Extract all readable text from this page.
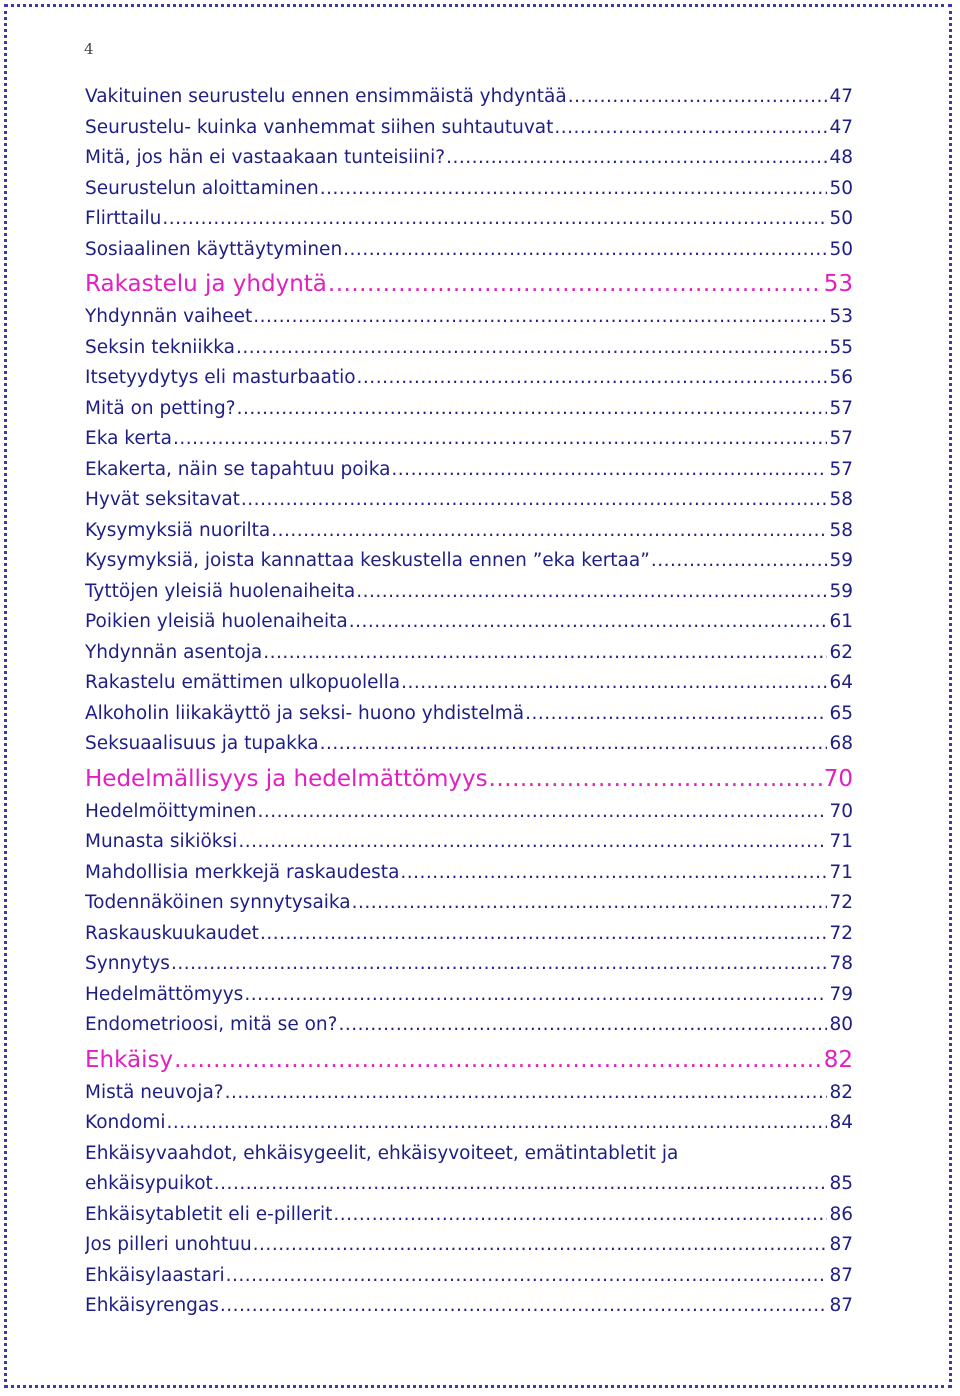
4
Vakituinen seurustelu ennen ensimmäistä yhdyntää .....	47
Seurustelu- kuinka vanhemmat siihen suhtautuvat .....	47
Mitä, jos hän ei vastaakaan tunteisiini? .....	48
Seurustelun aloittaminen .....	50
Flirttailu .....	50
Sosiaalinen käyttäytyminen .....	50
Rakastelu ja yhdyntä .....	53
Yhdynnän vaiheet .....	53
Seksin tekniikka .....	55
Itsetyydytys eli masturbaatio .....	56
Mitä on petting? .....	57
Eka kerta .....	57
Ekakerta, näin se tapahtuu poika .....	57
Hyvät seksitavat .....	58
Kysymyksiä nuorilta .....	58
Kysymyksiä, joista kannattaa keskustella ennen ”eka kertaa” .....	59
Tyttöjen yleisiä huolenaiheita .....	59
Poikien yleisiä huolenaiheita .....	61
Yhdynnän asentoja .....	62
Rakastelu emättimen ulkopuolella .....	64
Alkoholin liikakäyttö ja seksi- huono yhdistelmä .....	65
Seksuaalisuus ja tupakka .....	68
Hedelmällisyys ja hedelmättömyys .....	70
Hedelmöittyminen .....	70
Munasta sikiöksi .....	71
Mahdollisia merkkejä raskaudesta .....	71
Todennäköinen synnytysaika .....	72
Raskauskuukaudet .....	72
Synnytys .....	78
Hedelmättömyys .....	79
Endometrioosi, mitä se on? .....	80
Ehkäisy .....	82
Mistä neuvoja? .....	82
Kondomi .....	84
Ehkäisyvaahdot, ehkäisygeelit, ehkäisyvoiteet, emätintabletit ja
ehkäisypuikot .....	85
Ehkäisytabletit eli e-pillerit .....	86
Jos pilleri unohtuu .....	87
Ehkäisylaastari .....	87
Ehkäisyrengas .....	87
